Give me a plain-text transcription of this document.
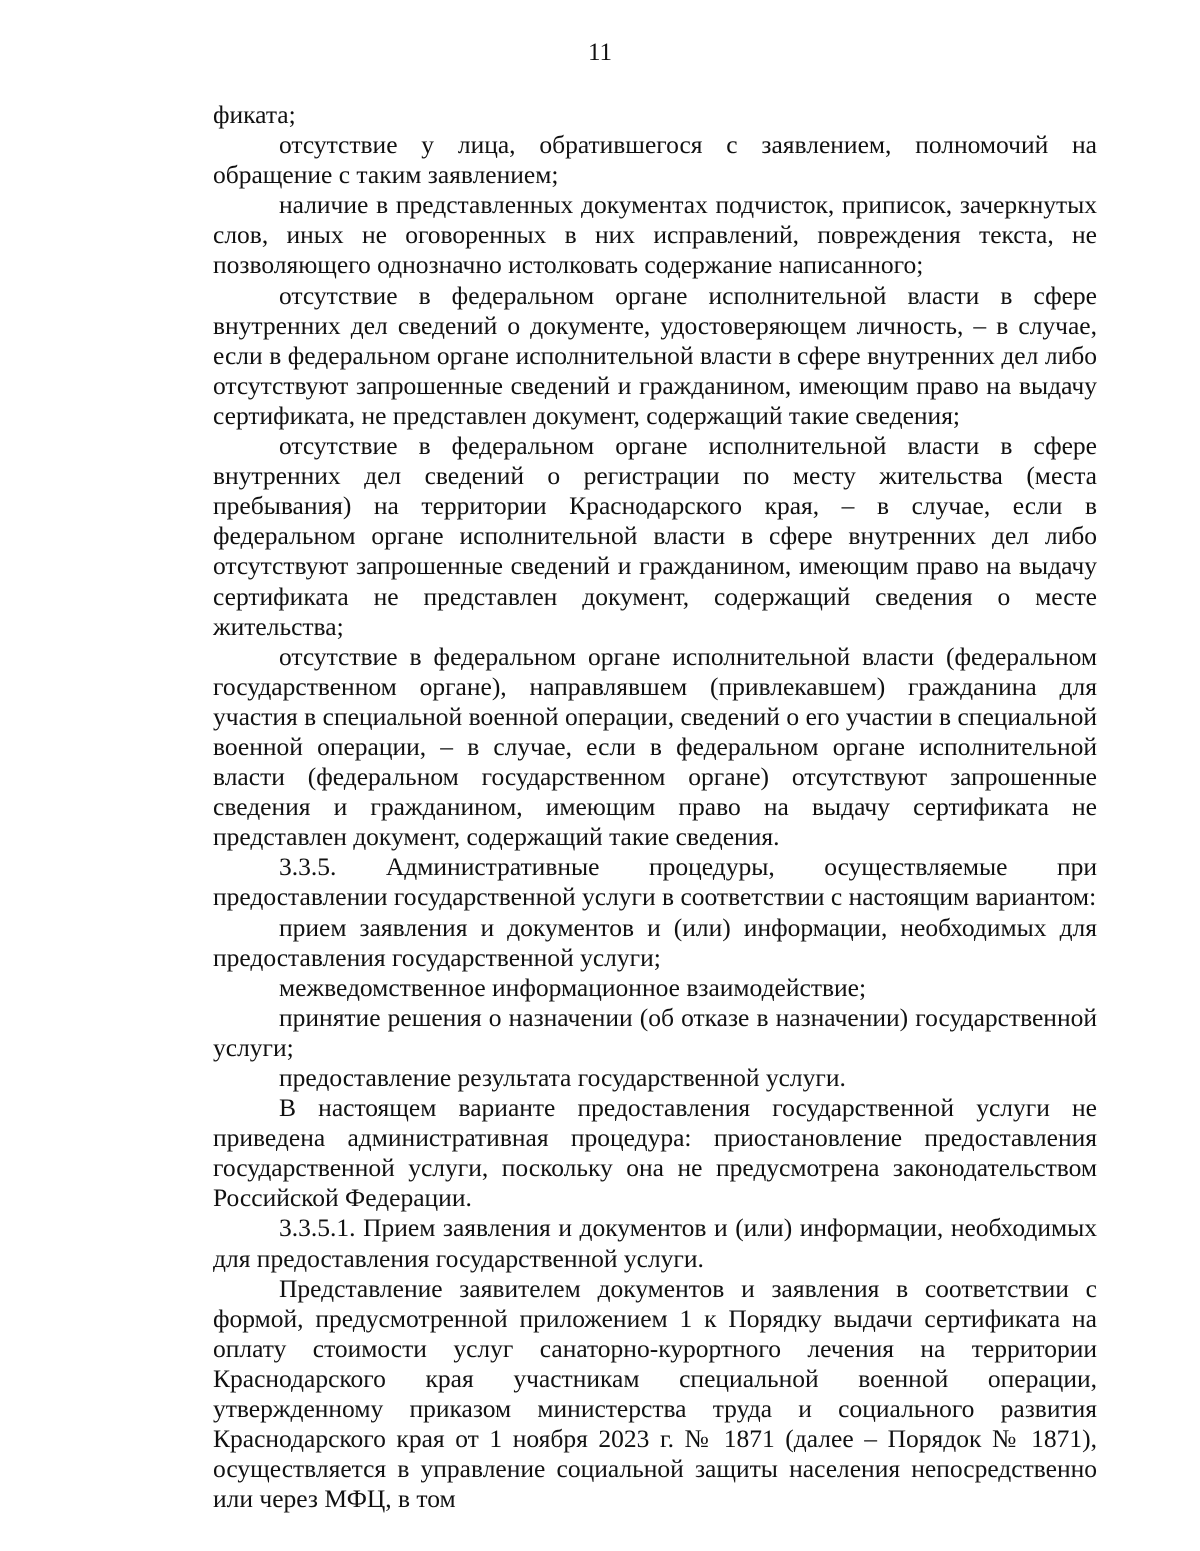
11

фиката;

отсутствие у лица, обратившегося с заявлением, полномочий на обращение с таким заявлением;

наличие в представленных документах подчисток, приписок, зачеркнутых слов, иных не оговоренных в них исправлений, повреждения текста, не позволяющего однозначно истолковать содержание написанного;

отсутствие в федеральном органе исполнительной власти в сфере внутренних дел сведений о документе, удостоверяющем личность, – в случае, если в федеральном органе исполнительной власти в сфере внутренних дел либо отсутствуют запрошенные сведений и гражданином, имеющим право на выдачу сертификата, не представлен документ, содержащий такие сведения;

отсутствие в федеральном органе исполнительной власти в сфере внутренних дел сведений о регистрации по месту жительства (места пребывания) на территории Краснодарского края, – в случае, если в федеральном органе исполнительной власти в сфере внутренних дел либо отсутствуют запрошенные сведений и гражданином, имеющим право на выдачу сертификата не представлен документ, содержащий сведения о месте жительства;

отсутствие в федеральном органе исполнительной власти (федеральном государственном органе), направлявшем (привлекавшем) гражданина для участия в специальной военной операции, сведений о его участии в специальной военной операции, – в случае, если в федеральном органе исполнительной власти (федеральном государственном органе) отсутствуют запрошенные сведения и гражданином, имеющим право на выдачу сертификата не представлен документ, содержащий такие сведения.

3.3.5. Административные процедуры, осуществляемые при предоставлении государственной услуги в соответствии с настоящим вариантом:

прием заявления и документов и (или) информации, необходимых для предоставления государственной услуги;

межведомственное информационное взаимодействие;

принятие решения о назначении (об отказе в назначении) государственной услуги;

предоставление результата государственной услуги.

В настоящем варианте предоставления государственной услуги не приведена административная процедура: приостановление предоставления государственной услуги, поскольку она не предусмотрена законодательством Российской Федерации.

3.3.5.1. Прием заявления и документов и (или) информации, необходимых для предоставления государственной услуги.

Представление заявителем документов и заявления в соответствии с формой, предусмотренной приложением 1 к Порядку выдачи сертификата на оплату стоимости услуг санаторно-курортного лечения на территории Краснодарского края участникам специальной военной операции, утвержденному приказом министерства труда и социального развития Краснодарского края от 1 ноября 2023 г. № 1871 (далее – Порядок № 1871), осуществляется в управление социальной защиты населения непосредственно или через МФЦ, в том
